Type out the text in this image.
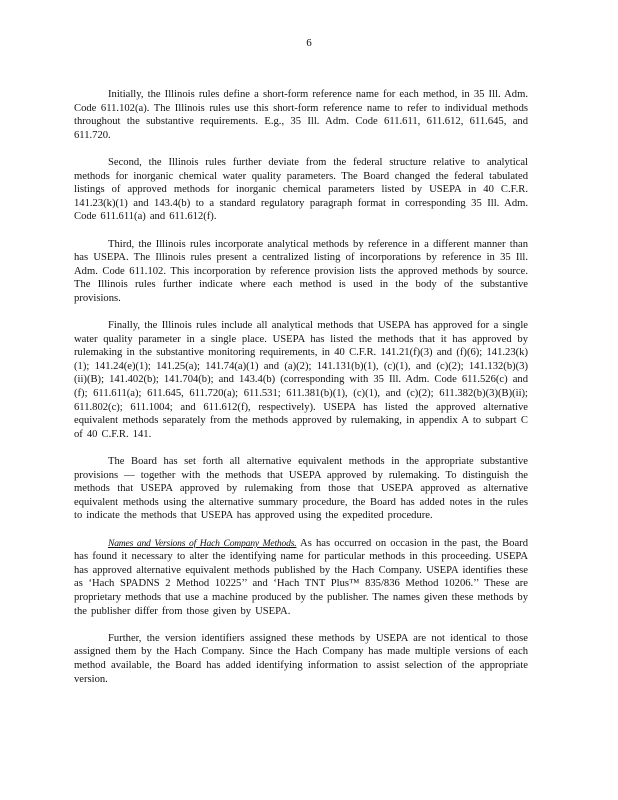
6

Initially, the Illinois rules define a short-form reference name for each method, in 35 Ill. Adm. Code 611.102(a). The Illinois rules use this short-form reference name to refer to individual methods throughout the substantive requirements. E.g., 35 Ill. Adm. Code 611.611, 611.612, 611.645, and 611.720.

Second, the Illinois rules further deviate from the federal structure relative to analytical methods for inorganic chemical water quality parameters. The Board changed the federal tabulated listings of approved methods for inorganic chemical parameters listed by USEPA in 40 C.F.R. 141.23(k)(1) and 143.4(b) to a standard regulatory paragraph format in corresponding 35 Ill. Adm. Code 611.611(a) and 611.612(f).

Third, the Illinois rules incorporate analytical methods by reference in a different manner than has USEPA. The Illinois rules present a centralized listing of incorporations by reference in 35 Ill. Adm. Code 611.102. This incorporation by reference provision lists the approved methods by source. The Illinois rules further indicate where each method is used in the body of the substantive provisions.

Finally, the Illinois rules include all analytical methods that USEPA has approved for a single water quality parameter in a single place. USEPA has listed the methods that it has approved by rulemaking in the substantive monitoring requirements, in 40 C.F.R. 141.21(f)(3) and (f)(6); 141.23(k)(1); 141.24(e)(1); 141.25(a); 141.74(a)(1) and (a)(2); 141.131(b)(1), (c)(1), and (c)(2); 141.132(b)(3)(ii)(B); 141.402(b); 141.704(b); and 143.4(b) (corresponding with 35 Ill. Adm. Code 611.526(c) and (f); 611.611(a); 611.645, 611.720(a); 611.531; 611.381(b)(1), (c)(1), and (c)(2); 611.382(b)(3)(B)(ii); 611.802(c); 611.1004; and 611.612(f), respectively). USEPA has listed the approved alternative equivalent methods separately from the methods approved by rulemaking, in appendix A to subpart C of 40 C.F.R. 141.

The Board has set forth all alternative equivalent methods in the appropriate substantive provisions — together with the methods that USEPA approved by rulemaking. To distinguish the methods that USEPA approved by rulemaking from those that USEPA approved as alternative equivalent methods using the alternative summary procedure, the Board has added notes in the rules to indicate the methods that USEPA has approved using the expedited procedure.

Names and Versions of Hach Company Methods. As has occurred on occasion in the past, the Board has found it necessary to alter the identifying name for particular methods in this proceeding. USEPA has approved alternative equivalent methods published by the Hach Company. USEPA identifies these as ‘Hach SPADNS 2 Method 10225’’ and ‘Hach TNT Plus™ 835/836 Method 10206.’’ These are proprietary methods that use a machine produced by the publisher. The names given these methods by the publisher differ from those given by USEPA.

Further, the version identifiers assigned these methods by USEPA are not identical to those assigned them by the Hach Company. Since the Hach Company has made multiple versions of each method available, the Board has added identifying information to assist selection of the appropriate version.
